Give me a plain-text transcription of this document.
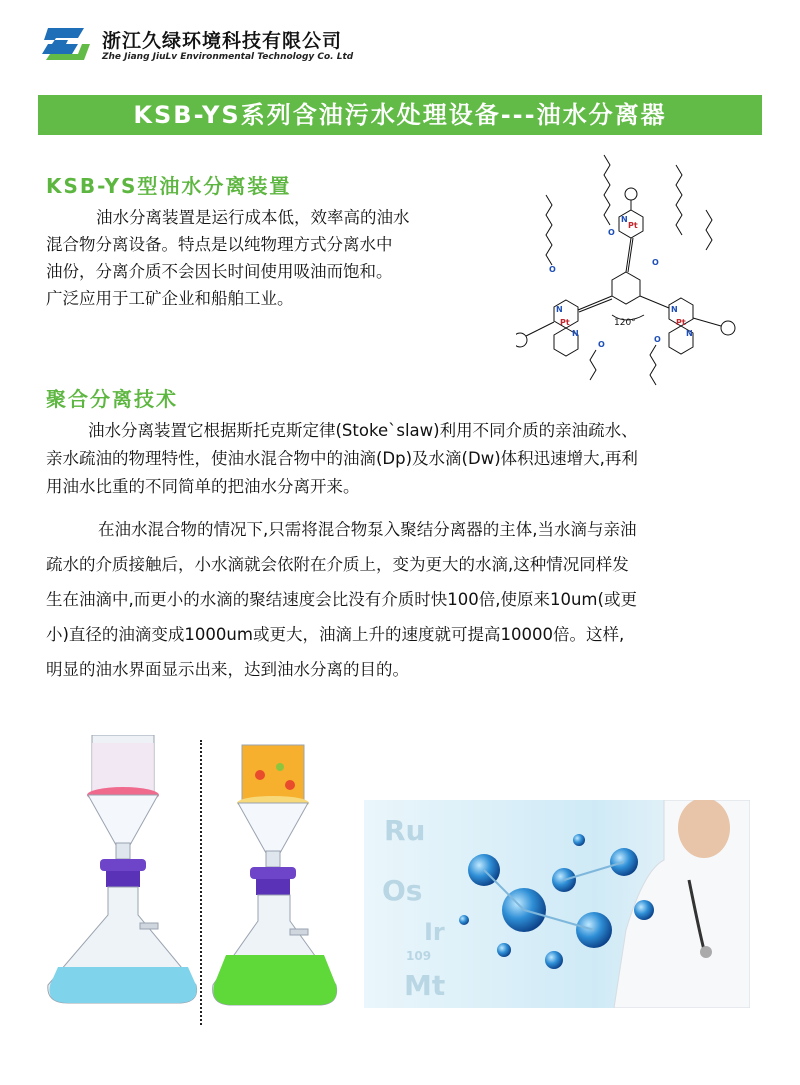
浙江久绿环境科技有限公司
Zhe Jiang JiuLv Environmental Technology Co. Ltd
KSB-YS系列含油污水处理设备---油水分离器
KSB-YS型油水分离装置
油水分离装置是运行成本低，效率高的油水
混合物分离设备。特点是以纯物理方式分离水中
油份，分离介质不会因长时间使用吸油而饱和。
广泛应用于工矿企业和船舶工业。
Pt
Pt
Pt
N
N
N
N
N
O
O
O
O
O
120°
聚合分离技术
油水分离装置它根据斯托克斯定律(Stoke`slaw)利用不同介质的亲油疏水、
亲水疏油的物理特性，使油水混合物中的油滴(Dp)及水滴(Dw)体积迅速增大,再利
用油水比重的不同简单的把油水分离开来。
在油水混合物的情况下,只需将混合物泵入聚结分离器的主体,当水滴与亲油
疏水的介质接触后，小水滴就会依附在介质上，变为更大的水滴,这种情况同样发
生在油滴中,而更小的水滴的聚结速度会比没有介质时快100倍,使原来10um(或更
小)直径的油滴变成1000um或更大，油滴上升的速度就可提高10000倍。这样,
明显的油水界面显示出来，达到油水分离的目的。
Ru
Os
Ir
Mt
109
